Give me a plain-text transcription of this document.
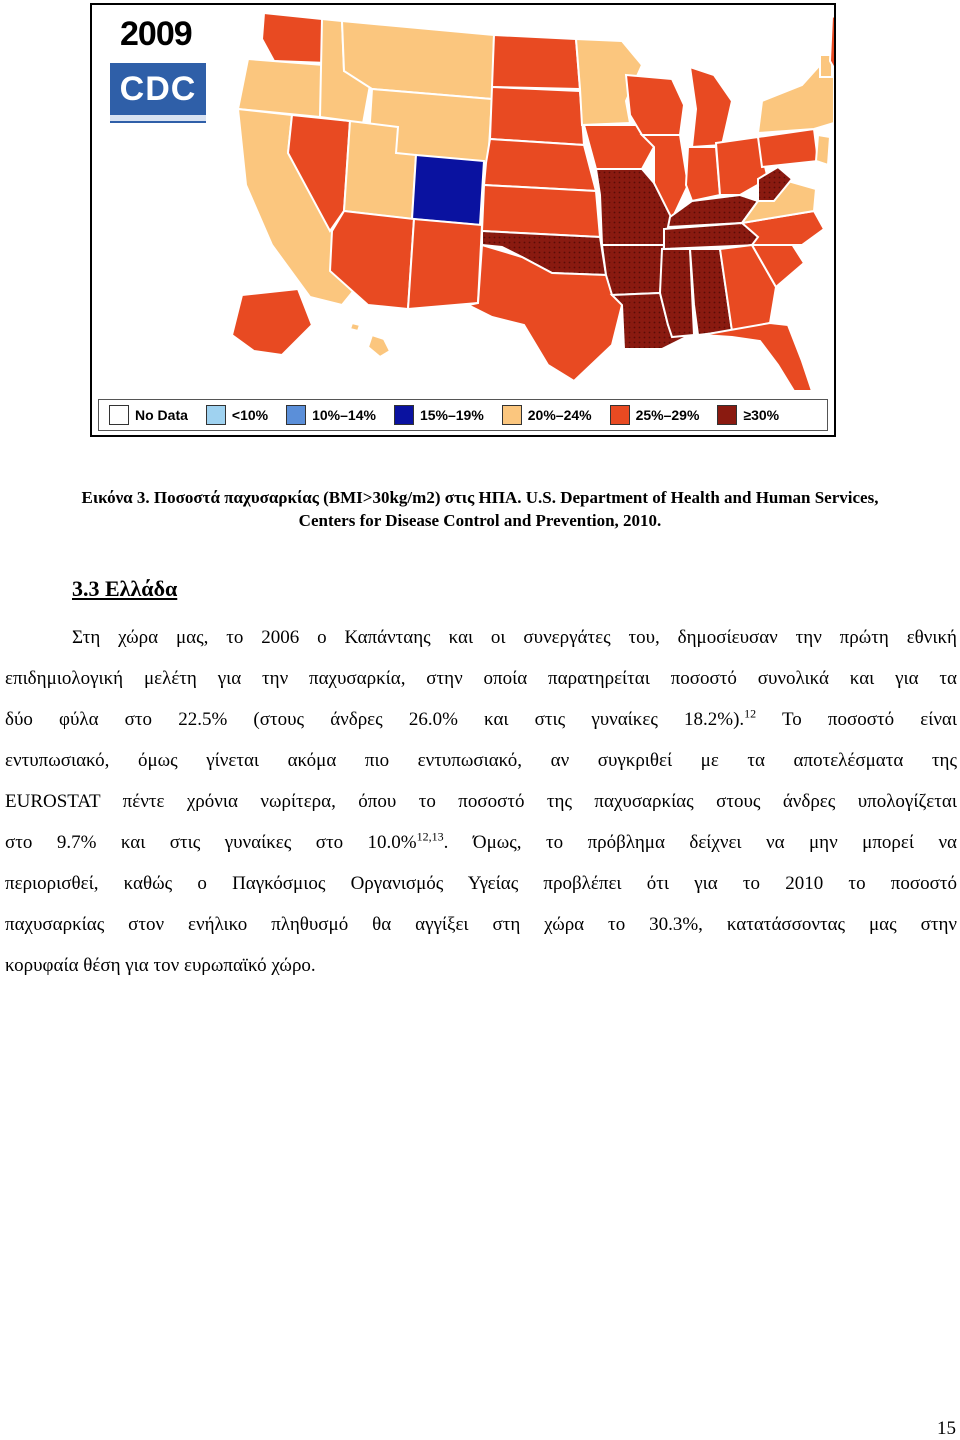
2009
CDC
No Data	<10%	10%–14%	15%–19%	20%–24%	25%–29%	≥30%
Εικόνα 3. Ποσοστά παχυσαρκίας (BMI>30kg/m2) στις ΗΠΑ. U.S. Department of Health and Human Services,
Centers for Disease Control and Prevention, 2010.
3.3 Ελλάδα
Στη χώρα μας, το 2006 ο Καπάνταης και οι συνεργάτες του, δημοσίευσαν την πρώτη εθνική
επιδημιολογική μελέτη για την παχυσαρκία, στην οποία παρατηρείται ποσοστό συνολικά και για τα
δύο φύλα στο 22.5% (στους άνδρες 26.0% και στις γυναίκες 18.2%).$^{12}$ Το ποσοστό είναι
εντυπωσιακό, όμως γίνεται ακόμα πιο εντυπωσιακό, αν συγκριθεί με τα αποτελέσματα της
EUROSTAT πέντε χρόνια νωρίτερα, όπου το ποσοστό της παχυσαρκίας στους άνδρες υπολογίζεται
στο 9.7% και στις γυναίκες στο 10.0%$^{12,13}$. Όμως, το πρόβλημα δείχνει να μην μπορεί να
περιορισθεί, καθώς ο Παγκόσμιος Οργανισμός Υγείας προβλέπει ότι για το 2010 το ποσοστό
παχυσαρκίας στον ενήλικο πληθυσμό θα αγγίξει στη χώρα το 30.3%, κατατάσσοντας μας στην
κορυφαία θέση για τον ευρωπαϊκό χώρο.
15
